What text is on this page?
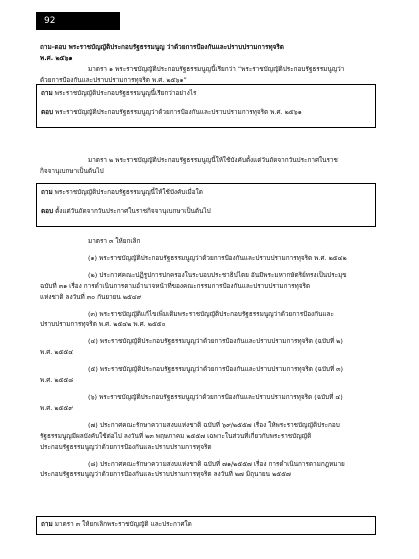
92
ถาม-ตอบ พระราชบัญญัติประกอบรัฐธรรมนูญ ว่าด้วยการป้องกันและปราบปรามการทุจริต
พ.ศ. ๒๕๖๑
มาตรา ๑ พระราชบัญญัติประกอบรัฐธรรมนูญนี้เรียกว่า “พระราชบัญญัติประกอบรัฐธรรมนูญว่า
ด้วยการป้องกันและปราบปรามการทุจริต พ.ศ. ๒๕๖๑”
ถาม พระราชบัญญัติประกอบรัฐธรรมนูญนี้เรียกว่าอย่างไร
ตอบ พระราชบัญญัติประกอบรัฐธรรมนูญว่าด้วยการป้องกันและปราบปรามการทุจริต พ.ศ. ๒๕๖๑
มาตรา ๒ พระราชบัญญัติประกอบรัฐธรรมนูญนี้ให้ใช้บังคับตั้งแต่วันถัดจากวันประกาศในราช
กิจจานุเบกษาเป็นต้นไป
ถาม พระราชบัญญัติประกอบรัฐธรรมนูญนี้ให้ใช้บังคับเมื่อใด
ตอบ ตั้งแต่วันถัดจากวันประกาศในราชกิจจานุเบกษาเป็นต้นไป
มาตรา ๓ ให้ยกเลิก
(๑) พระราชบัญญัติประกอบรัฐธรรมนูญว่าด้วยการป้องกันและปราบปรามการทุจริต พ.ศ. ๒๕๔๒
(๒) ประกาศคณะปฏิรูปการปกครองในระบอบประชาธิปไตย อันมีพระมหากษัตริย์ทรงเป็นประมุข
ฉบับที่ ๓๑ เรื่อง การดำเนินการตามอำนาจหน้าที่ของคณะกรรมการป้องกันและปราบปรามการทุจริต
แห่งชาติ ลงวันที่ ๓๐ กันยายน ๒๕๔๙
(๓) พระราชบัญญัติแก้ไขเพิ่มเติมพระราชบัญญัติประกอบรัฐธรรมนูญว่าด้วยการป้องกันและ
ปราบปรามการทุจริต พ.ศ. ๒๕๔๒ พ.ศ. ๒๕๕๐
(๔) พระราชบัญญัติประกอบรัฐธรรมนูญว่าด้วยการป้องกันและปราบปรามการทุจริต (ฉบับที่ ๒)
พ.ศ. ๒๕๕๔
(๕) พระราชบัญญัติประกอบรัฐธรรมนูญว่าด้วยการป้องกันและปราบปรามการทุจริต (ฉบับที่ ๓)
พ.ศ. ๒๕๕๘
(๖) พระราชบัญญัติประกอบรัฐธรรมนูญว่าด้วยการป้องกันและปราบปรามการทุจริต (ฉบับที่ ๔)
พ.ศ. ๒๕๕๙
(๗) ประกาศคณะรักษาความสงบแห่งชาติ ฉบับที่ ๖๙/๒๕๕๗ เรื่อง ให้พระราชบัญญัติประกอบ
รัฐธรรมนูญมีผลบังคับใช้ต่อไป ลงวันที่ ๒๓ พฤษภาคม ๒๕๕๗ เฉพาะในส่วนที่เกี่ยวกับพระราชบัญญัติ
ประกอบรัฐธรรมนูญว่าด้วยการป้องกันและปราบปรามการทุจริต
(๘) ประกาศคณะรักษาความสงบแห่งชาติ ฉบับที่ ๗๑/๒๕๕๗ เรื่อง การดำเนินการตามกฎหมาย
ประกอบรัฐธรรมนูญว่าด้วยการป้องกันและปราบปรามการทุจริต ลงวันที่ ๒๗ มิถุนายน ๒๕๕๗
ถาม มาตรา ๓ ให้ยกเลิกพระราชบัญญัติ และประกาศใด
